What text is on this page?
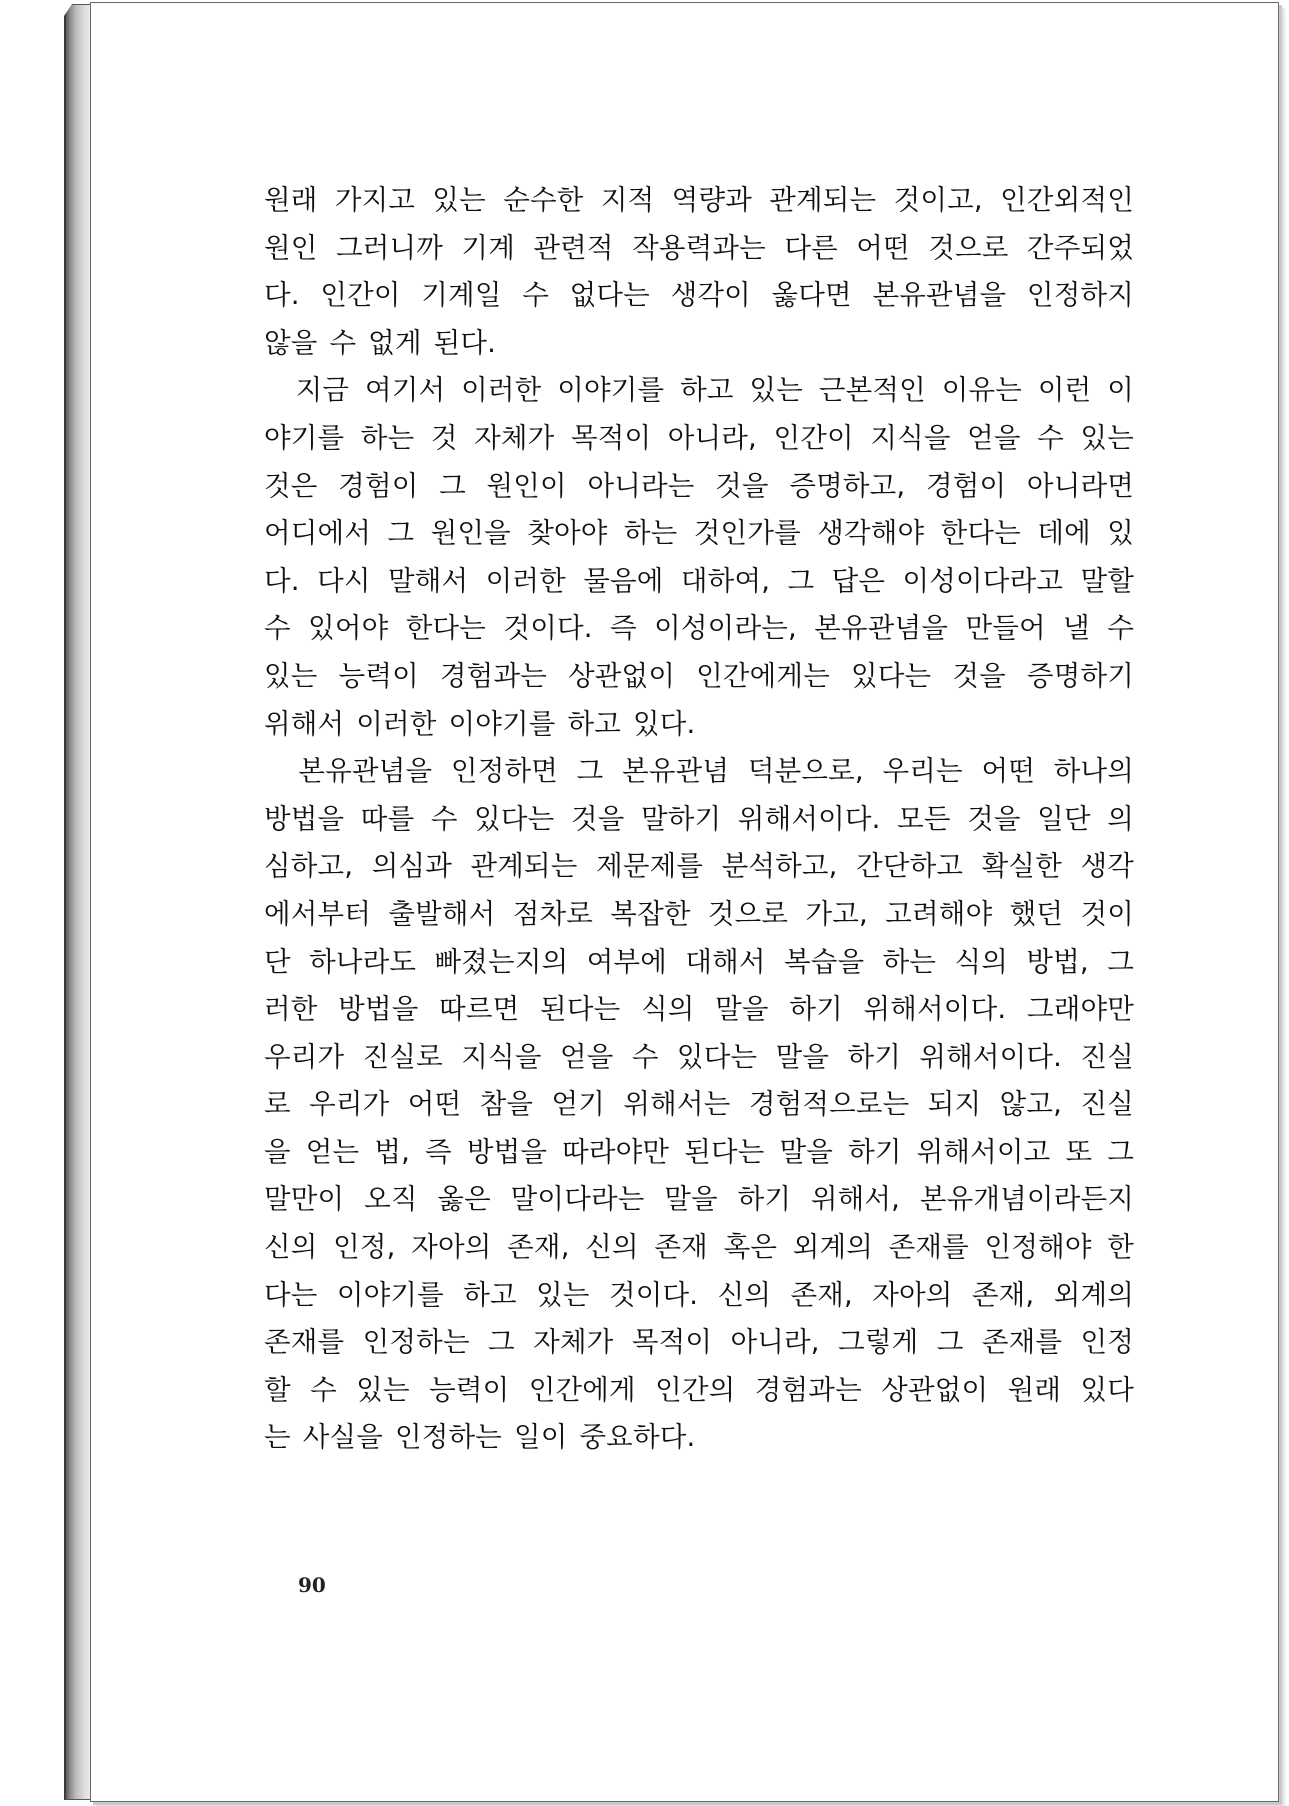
원래 가지고 있는 순수한 지적 역량과 관계되는 것이고, 인간외적인
원인 그러니까 기계 관련적 작용력과는 다른 어떤 것으로 간주되었
다. 인간이 기계일 수 없다는 생각이 옳다면 본유관념을 인정하지
않을 수 없게 된다.
　지금 여기서 이러한 이야기를 하고 있는 근본적인 이유는 이런 이
야기를 하는 것 자체가 목적이 아니라, 인간이 지식을 얻을 수 있는
것은 경험이 그 원인이 아니라는 것을 증명하고, 경험이 아니라면
어디에서 그 원인을 찾아야 하는 것인가를 생각해야 한다는 데에 있
다. 다시 말해서 이러한 물음에 대하여, 그 답은 이성이다라고 말할
수 있어야 한다는 것이다. 즉 이성이라는, 본유관념을 만들어 낼 수
있는 능력이 경험과는 상관없이 인간에게는 있다는 것을 증명하기
위해서 이러한 이야기를 하고 있다.
　본유관념을 인정하면 그 본유관념 덕분으로, 우리는 어떤 하나의
방법을 따를 수 있다는 것을 말하기 위해서이다. 모든 것을 일단 의
심하고, 의심과 관계되는 제문제를 분석하고, 간단하고 확실한 생각
에서부터 출발해서 점차로 복잡한 것으로 가고, 고려해야 했던 것이
단 하나라도 빠졌는지의 여부에 대해서 복습을 하는 식의 방법, 그
러한 방법을 따르면 된다는 식의 말을 하기 위해서이다. 그래야만
우리가 진실로 지식을 얻을 수 있다는 말을 하기 위해서이다. 진실
로 우리가 어떤 참을 얻기 위해서는 경험적으로는 되지 않고, 진실
을 얻는 법, 즉 방법을 따라야만 된다는 말을 하기 위해서이고 또 그
말만이 오직 옳은 말이다라는 말을 하기 위해서, 본유개념이라든지
신의 인정, 자아의 존재, 신의 존재 혹은 외계의 존재를 인정해야 한
다는 이야기를 하고 있는 것이다. 신의 존재, 자아의 존재, 외계의
존재를 인정하는 그 자체가 목적이 아니라, 그렇게 그 존재를 인정
할 수 있는 능력이 인간에게 인간의 경험과는 상관없이 원래 있다
는 사실을 인정하는 일이 중요하다.
90
